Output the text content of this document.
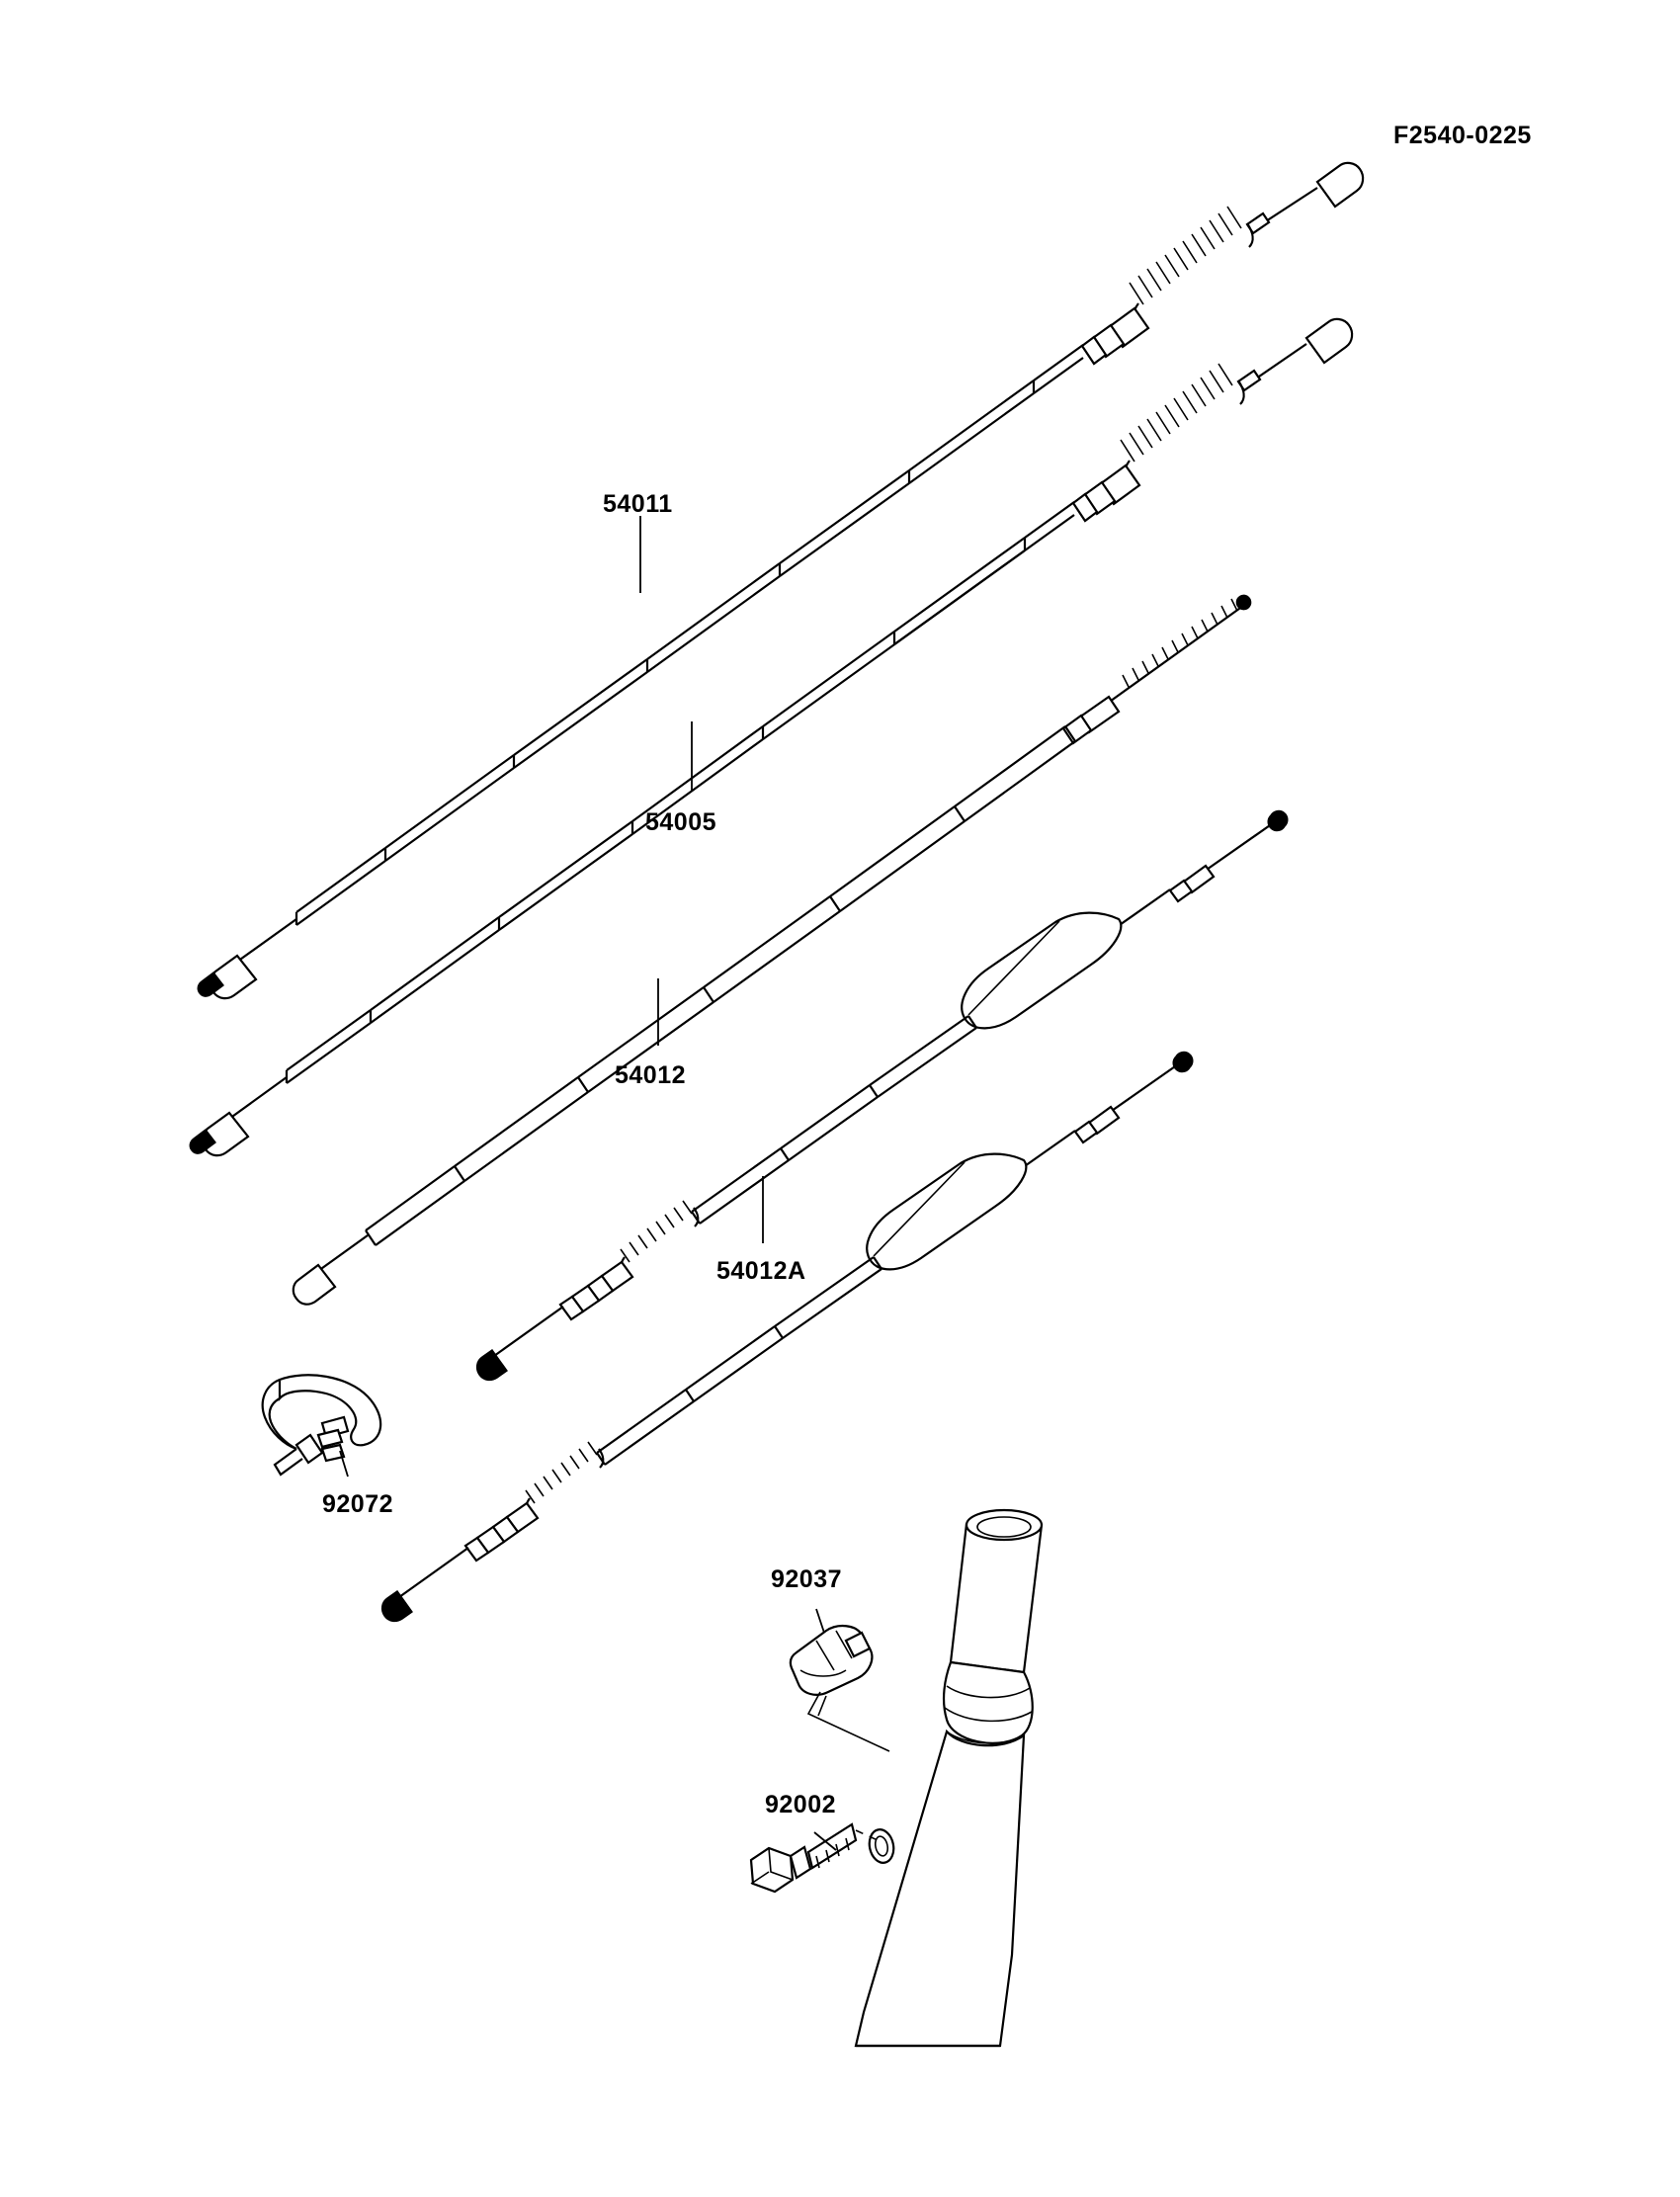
F2540-0225
54011
54005
54012
54012A
92072
92037
92002
